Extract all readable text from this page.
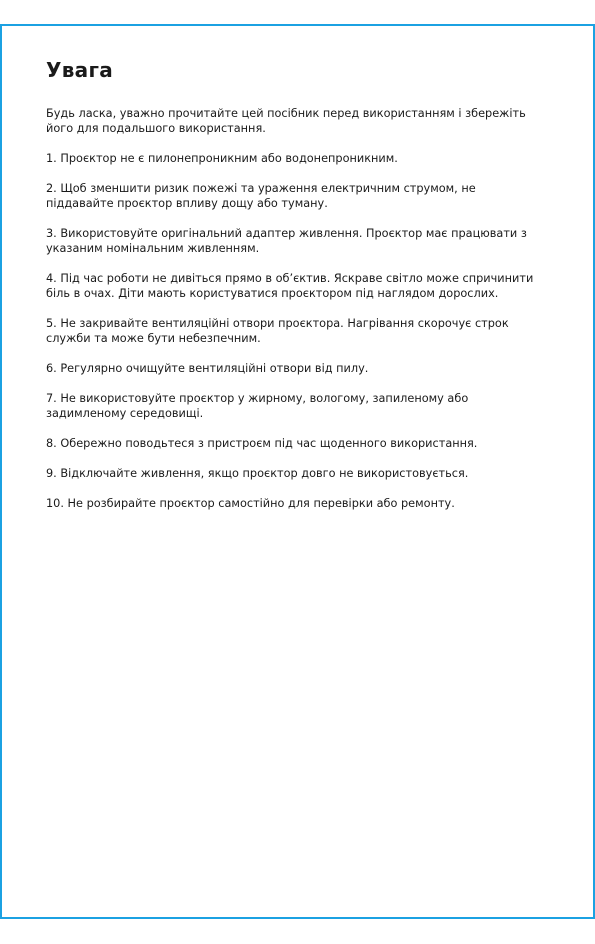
Увага

Будь ласка, уважно прочитайте цей посібник перед використанням і збережіть його для подальшого використання.

1. Проєктор не є пилонепроникним або водонепроникним.

2. Щоб зменшити ризик пожежі та ураження електричним струмом, не піддавайте проєктор впливу дощу або туману.

3. Використовуйте оригінальний адаптер живлення. Проєктор має працювати з указаним номінальним живленням.

4. Під час роботи не дивіться прямо в об’єктив. Яскраве світло може спричинити біль в очах. Діти мають користуватися проєктором під наглядом дорослих.

5. Не закривайте вентиляційні отвори проєктора. Нагрівання скорочує строк служби та може бути небезпечним.

6. Регулярно очищуйте вентиляційні отвори від пилу.

7. Не використовуйте проєктор у жирному, вологому, запиленому або задимленому середовищі.

8. Обережно поводьтеся з пристроєм під час щоденного використання.

9. Відключайте живлення, якщо проєктор довго не використовується.

10. Не розбирайте проєктор самостійно для перевірки або ремонту.
